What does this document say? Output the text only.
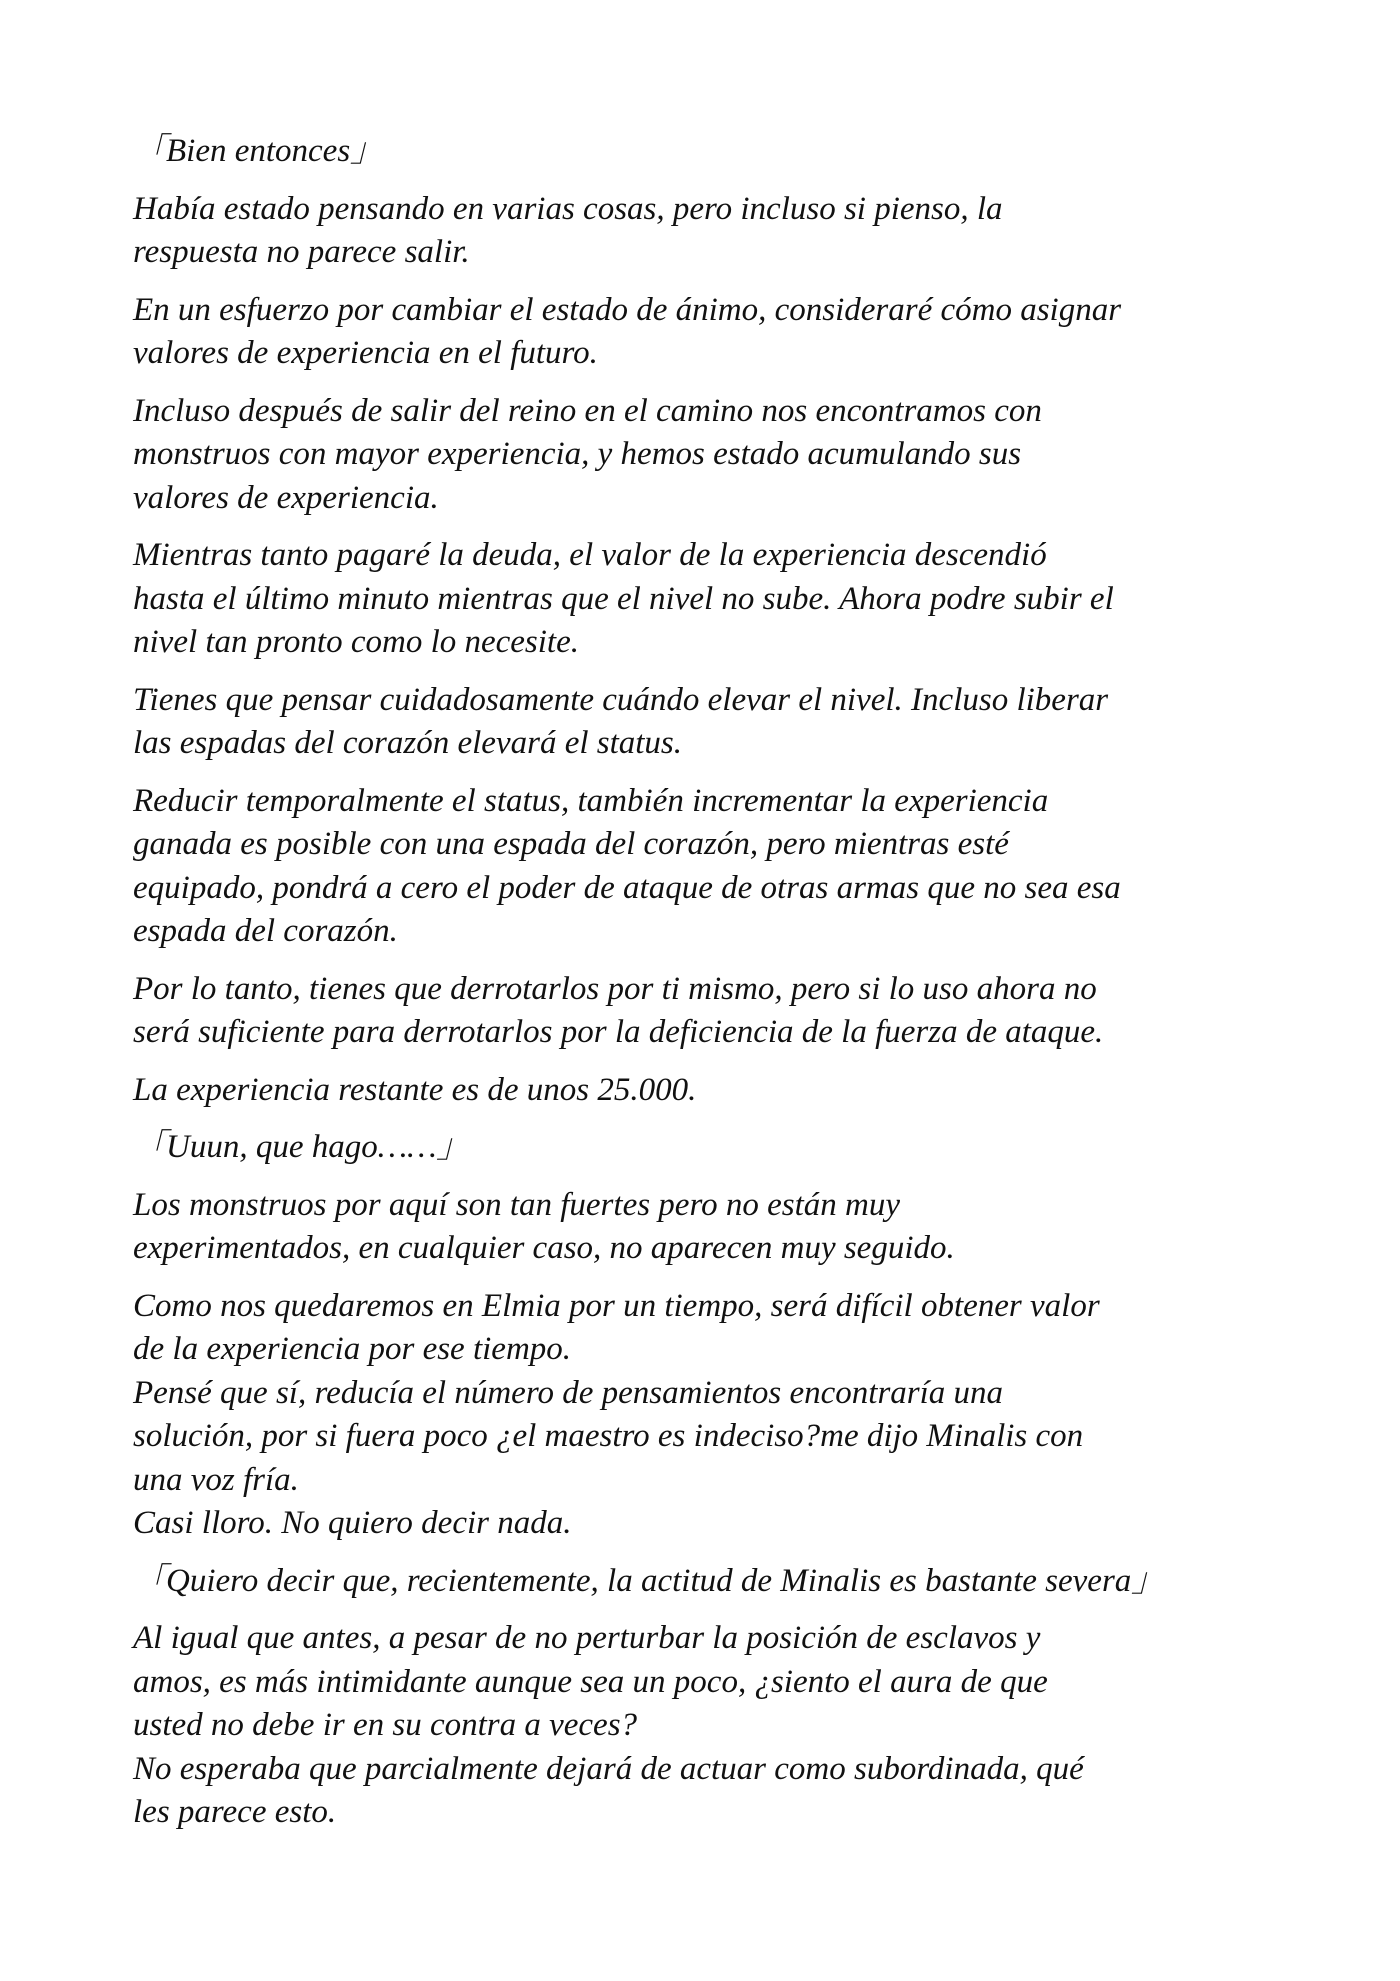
「Bien entonces」

Había estado pensando en varias cosas, pero incluso si pienso, la
respuesta no parece salir.

En un esfuerzo por cambiar el estado de ánimo, consideraré cómo asignar
valores de experiencia en el futuro.

Incluso después de salir del reino en el camino nos encontramos con
monstruos con mayor experiencia, y hemos estado acumulando sus
valores de experiencia.

Mientras tanto pagaré la deuda, el valor de la experiencia descendió
hasta el último minuto mientras que el nivel no sube. Ahora podre subir el
nivel tan pronto como lo necesite.

Tienes que pensar cuidadosamente cuándo elevar el nivel. Incluso liberar
las espadas del corazón elevará el status.

Reducir temporalmente el status, también incrementar la experiencia
ganada es posible con una espada del corazón, pero mientras esté
equipado, pondrá a cero el poder de ataque de otras armas que no sea esa
espada del corazón.

Por lo tanto, tienes que derrotarlos por ti mismo, pero si lo uso ahora no
será suficiente para derrotarlos por la deficiencia de la fuerza de ataque.

La experiencia restante es de unos 25.000.

「Uuun, que hago……」

Los monstruos por aquí son tan fuertes pero no están muy
experimentados, en cualquier caso, no aparecen muy seguido.

Como nos quedaremos en Elmia por un tiempo, será difícil obtener valor
de la experiencia por ese tiempo.

Pensé que sí, reducía el número de pensamientos encontraría una
solución, por si fuera poco ¿el maestro es indeciso?me dijo Minalis con
una voz fría.

Casi lloro. No quiero decir nada.

「Quiero decir que, recientemente, la actitud de Minalis es bastante severa」

Al igual que antes, a pesar de no perturbar la posición de esclavos y
amos, es más intimidante aunque sea un poco, ¿siento el aura de que
usted no debe ir en su contra a veces?

No esperaba que parcialmente dejará de actuar como subordinada, qué
les parece esto.
